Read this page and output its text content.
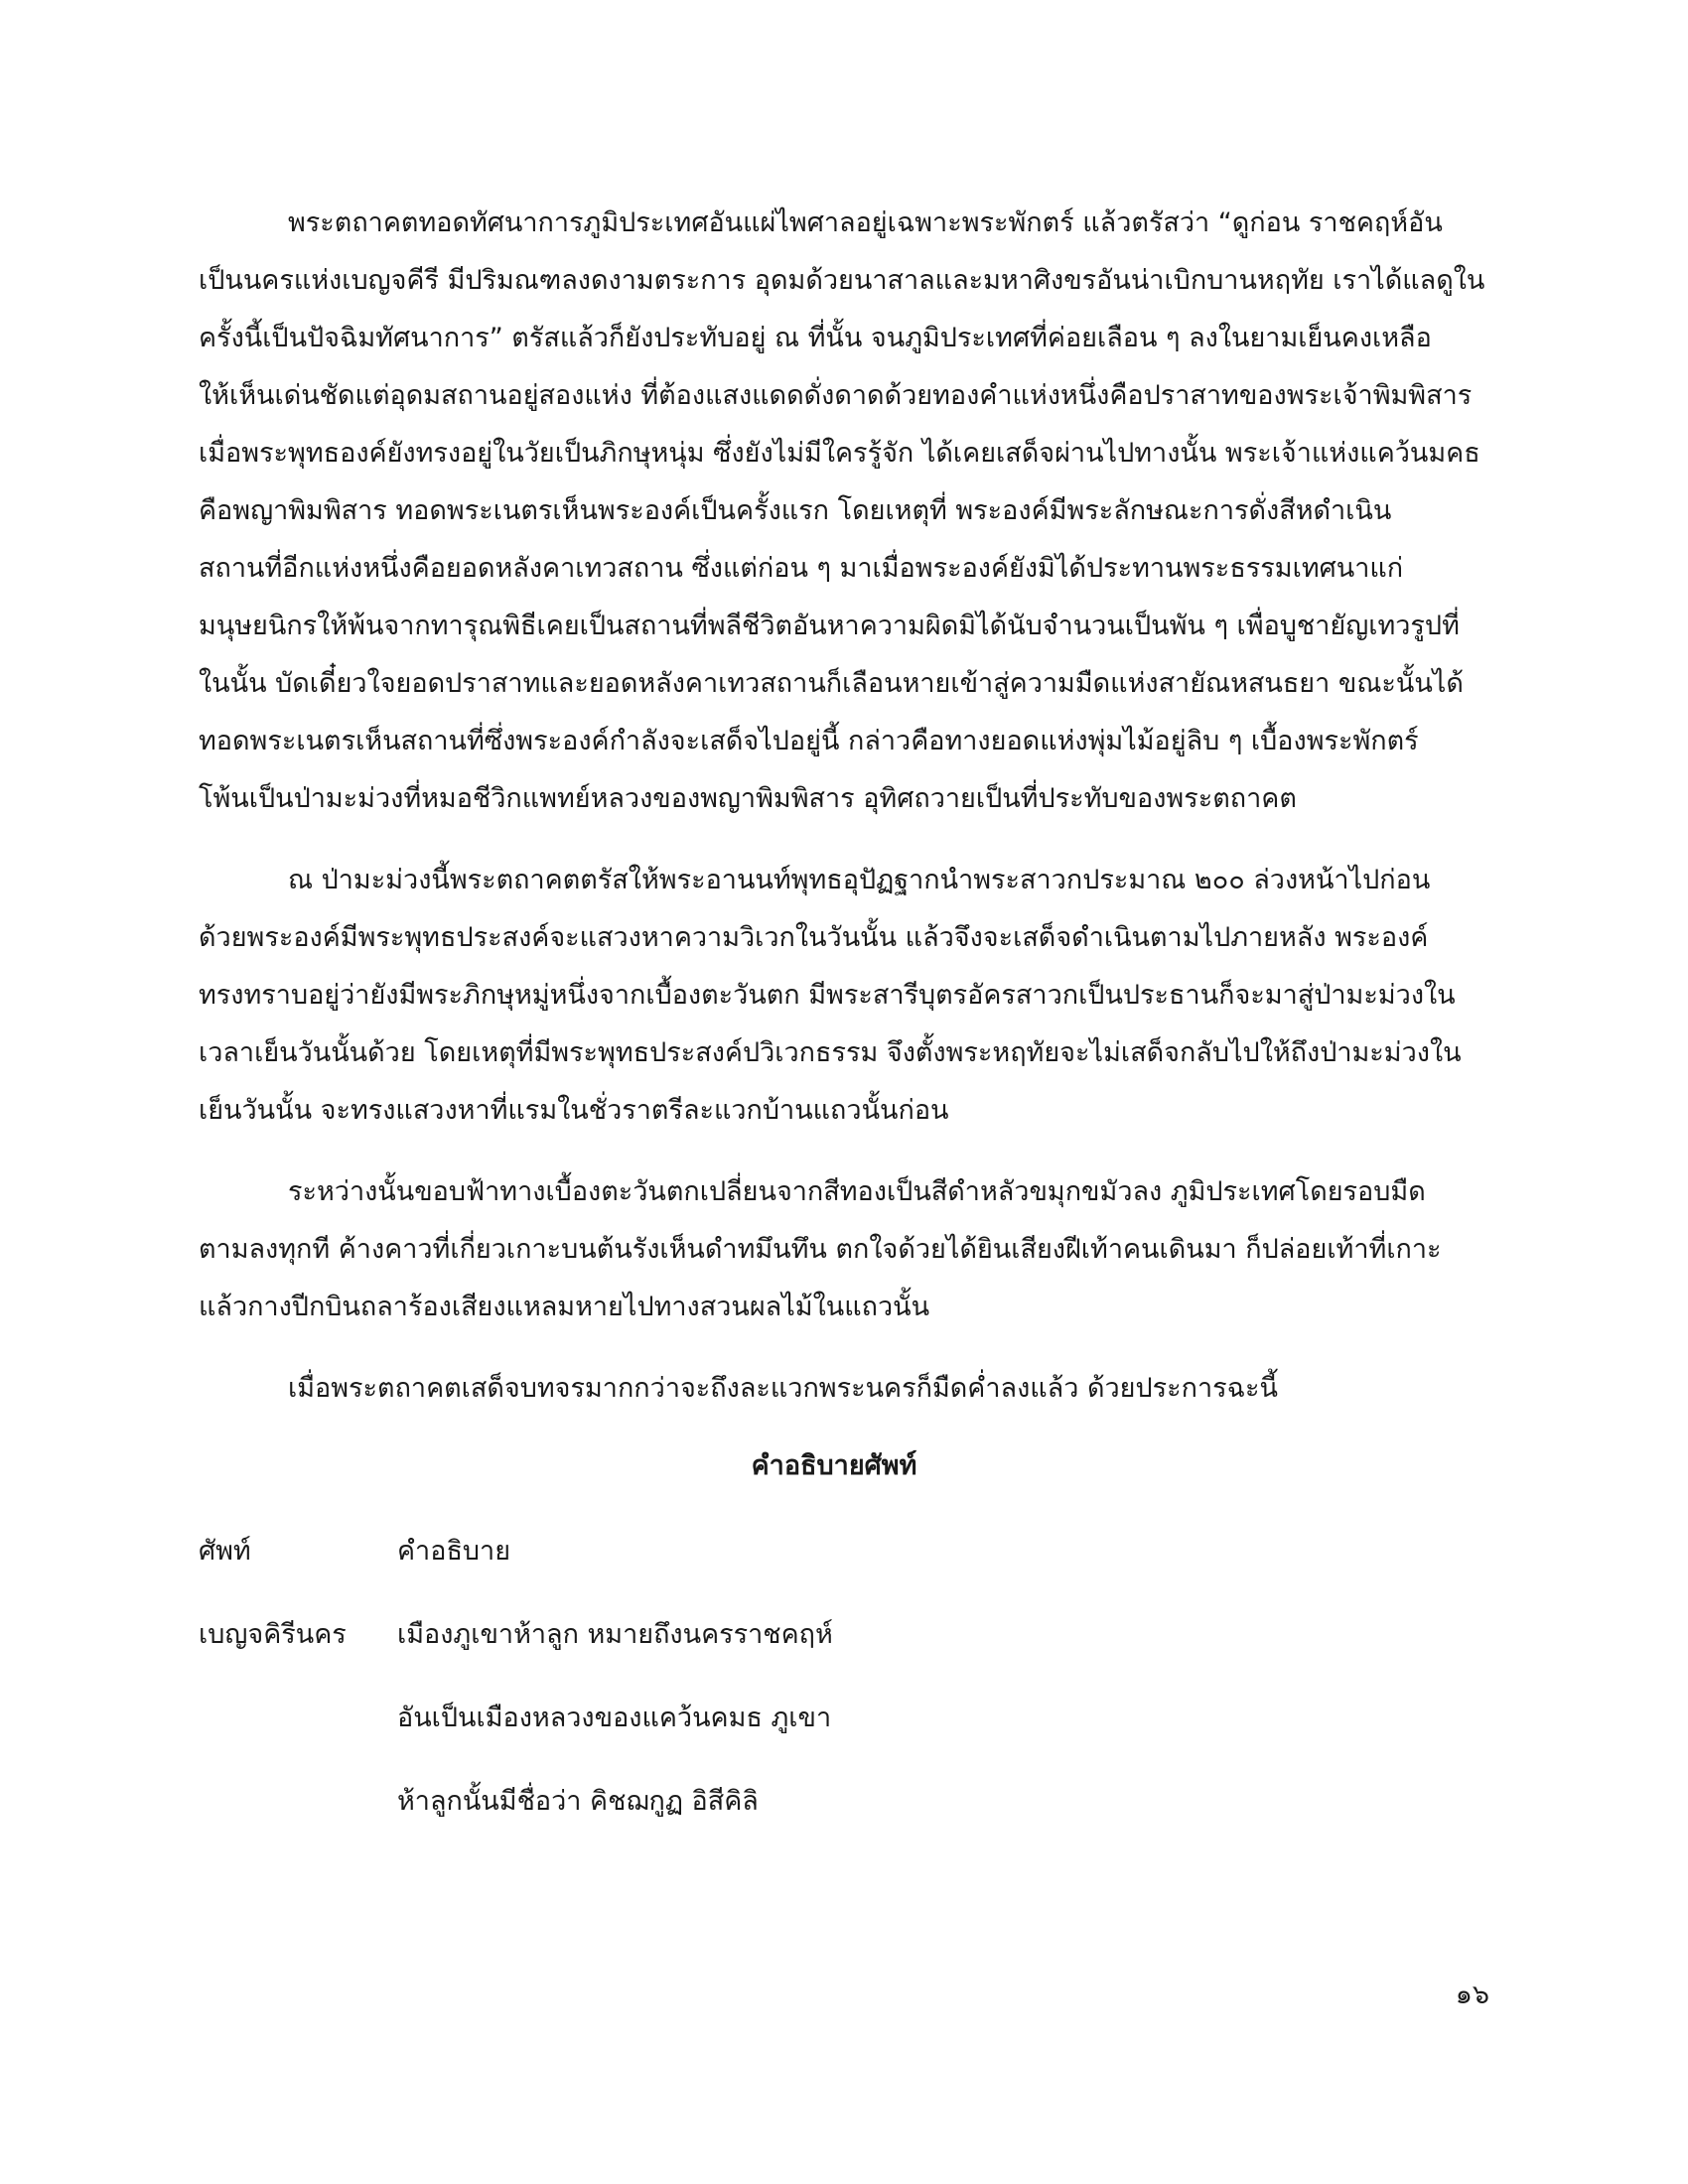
พระตถาคตทอดทัศนาการภูมิประเทศอันแผ่ไพศาลอยู่เฉพาะพระพักตร์ แล้วตรัสว่า “ดูก่อน ราชคฤห์อัน
เป็นนครแห่งเบญจคีรี มีปริมณฑลงดงามตระการ อุดมด้วยนาสาลและมหาศิงขรอันน่าเบิกบานหฤทัย เราได้แลดูใน
ครั้งนี้เป็นปัจฉิมทัศนาการ” ตรัสแล้วก็ยังประทับอยู่ ณ ที่นั้น จนภูมิประเทศที่ค่อยเลือน ๆ ลงในยามเย็นคงเหลือ
ให้เห็นเด่นชัดแต่อุดมสถานอยู่สองแห่ง ที่ต้องแสงแดดดั่งดาดด้วยทองคำแห่งหนึ่งคือปราสาทของพระเจ้าพิมพิสาร
เมื่อพระพุทธองค์ยังทรงอยู่ในวัยเป็นภิกษุหนุ่ม ซึ่งยังไม่มีใครรู้จัก ได้เคยเสด็จผ่านไปทางนั้น พระเจ้าแห่งแคว้นมคธ
คือพญาพิมพิสาร ทอดพระเนตรเห็นพระองค์เป็นครั้งแรก โดยเหตุที่ พระองค์มีพระลักษณะการดั่งสีหดำเนิน
สถานที่อีกแห่งหนึ่งคือยอดหลังคาเทวสถาน ซึ่งแต่ก่อน ๆ มาเมื่อพระองค์ยังมิได้ประทานพระธรรมเทศนาแก่
มนุษยนิกรให้พ้นจากทารุณพิธีเคยเป็นสถานที่พลีชีวิตอันหาความผิดมิได้นับจำนวนเป็นพัน ๆ เพื่อบูชายัญเทวรูปที่
ในนั้น บัดเดี๋ยวใจยอดปราสาทและยอดหลังคาเทวสถานก็เลือนหายเข้าสู่ความมืดแห่งสายัณหสนธยา ขณะนั้นได้
ทอดพระเนตรเห็นสถานที่ซึ่งพระองค์กำลังจะเสด็จไปอยู่นี้ กล่าวคือทางยอดแห่งพุ่มไม้อยู่ลิบ ๆ เบื้องพระพักตร์
โพ้นเป็นป่ามะม่วงที่หมอชีวิกแพทย์หลวงของพญาพิมพิสาร อุทิศถวายเป็นที่ประทับของพระตถาคต

ณ ป่ามะม่วงนี้พระตถาคตตรัสให้พระอานนท์พุทธอุปัฏฐากนำพระสาวกประมาณ ๒๐๐ ล่วงหน้าไปก่อน
ด้วยพระองค์มีพระพุทธประสงค์จะแสวงหาความวิเวกในวันนั้น แล้วจึงจะเสด็จดำเนินตามไปภายหลัง พระองค์
ทรงทราบอยู่ว่ายังมีพระภิกษุหมู่หนึ่งจากเบื้องตะวันตก มีพระสารีบุตรอัครสาวกเป็นประธานก็จะมาสู่ป่ามะม่วงใน
เวลาเย็นวันนั้นด้วย โดยเหตุที่มีพระพุทธประสงค์ปวิเวกธรรม จึงตั้งพระหฤทัยจะไม่เสด็จกลับไปให้ถึงป่ามะม่วงใน
เย็นวันนั้น จะทรงแสวงหาที่แรมในชั่วราตรีละแวกบ้านแถวนั้นก่อน

ระหว่างนั้นขอบฟ้าทางเบื้องตะวันตกเปลี่ยนจากสีทองเป็นสีดำหลัวขมุกขมัวลง ภูมิประเทศโดยรอบมืด
ตามลงทุกที ค้างคาวที่เกี่ยวเกาะบนต้นรังเห็นดำทมึนทึน ตกใจด้วยได้ยินเสียงฝีเท้าคนเดินมา ก็ปล่อยเท้าที่เกาะ
แล้วกางปีกบินถลาร้องเสียงแหลมหายไปทางสวนผลไม้ในแถวนั้น

เมื่อพระตถาคตเสด็จบทจรมากกว่าจะถึงละแวกพระนครก็มืดค่ำลงแล้ว ด้วยประการฉะนี้

คำอธิบายศัพท์
ศัพท์	คำอธิบาย
เบญจคิรีนคร	เมืองภูเขาห้าลูก หมายถึงนครราชคฤห์
อันเป็นเมืองหลวงของแคว้นคมธ ภูเขา
ห้าลูกนั้นมีชื่อว่า คิชฌกูฏ อิสีคิลิ
๑๖
